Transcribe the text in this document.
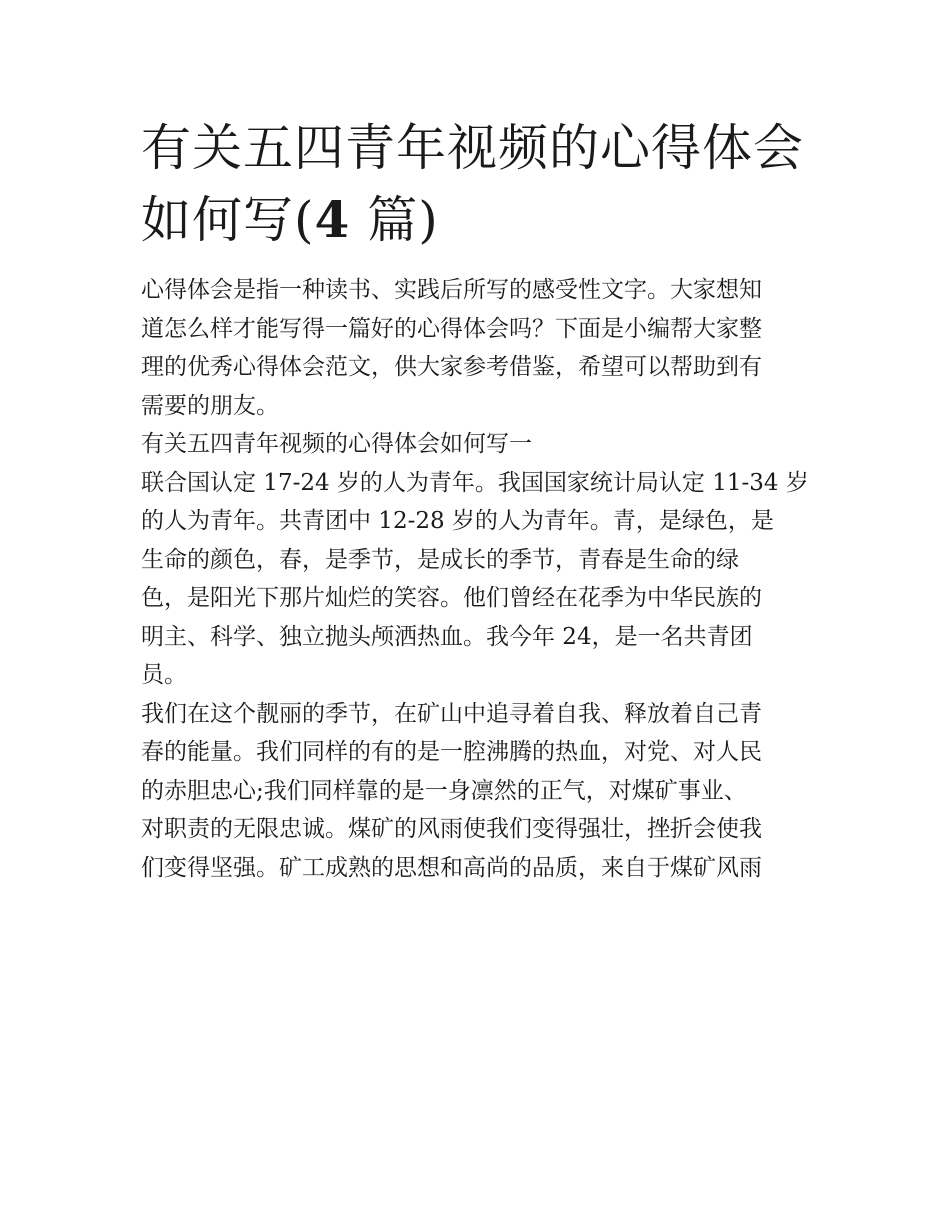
有关五四青年视频的心得体会
如何写(4 篇)

心得体会是指一种读书、实践后所写的感受性文字。大家想知
道怎么样才能写得一篇好的心得体会吗？下面是小编帮大家整
理的优秀心得体会范文，供大家参考借鉴，希望可以帮助到有
需要的朋友。

有关五四青年视频的心得体会如何写一

联合国认定 17-24 岁的人为青年。我国国家统计局认定 11-34 岁
的人为青年。共青团中 12-28 岁的人为青年。青，是绿色，是
生命的颜色，春，是季节，是成长的季节，青春是生命的绿
色，是阳光下那片灿烂的笑容。他们曾经在花季为中华民族的
明主、科学、独立抛头颅洒热血。我今年 24，是一名共青团
员。

我们在这个靓丽的季节，在矿山中追寻着自我、释放着自己青
春的能量。我们同样的有的是一腔沸腾的热血，对党、对人民
的赤胆忠心;我们同样靠的是一身凛然的正气，对煤矿事业、
对职责的无限忠诚。煤矿的风雨使我们变得强壮，挫折会使我
们变得坚强。矿工成熟的思想和高尚的品质，来自于煤矿风雨
